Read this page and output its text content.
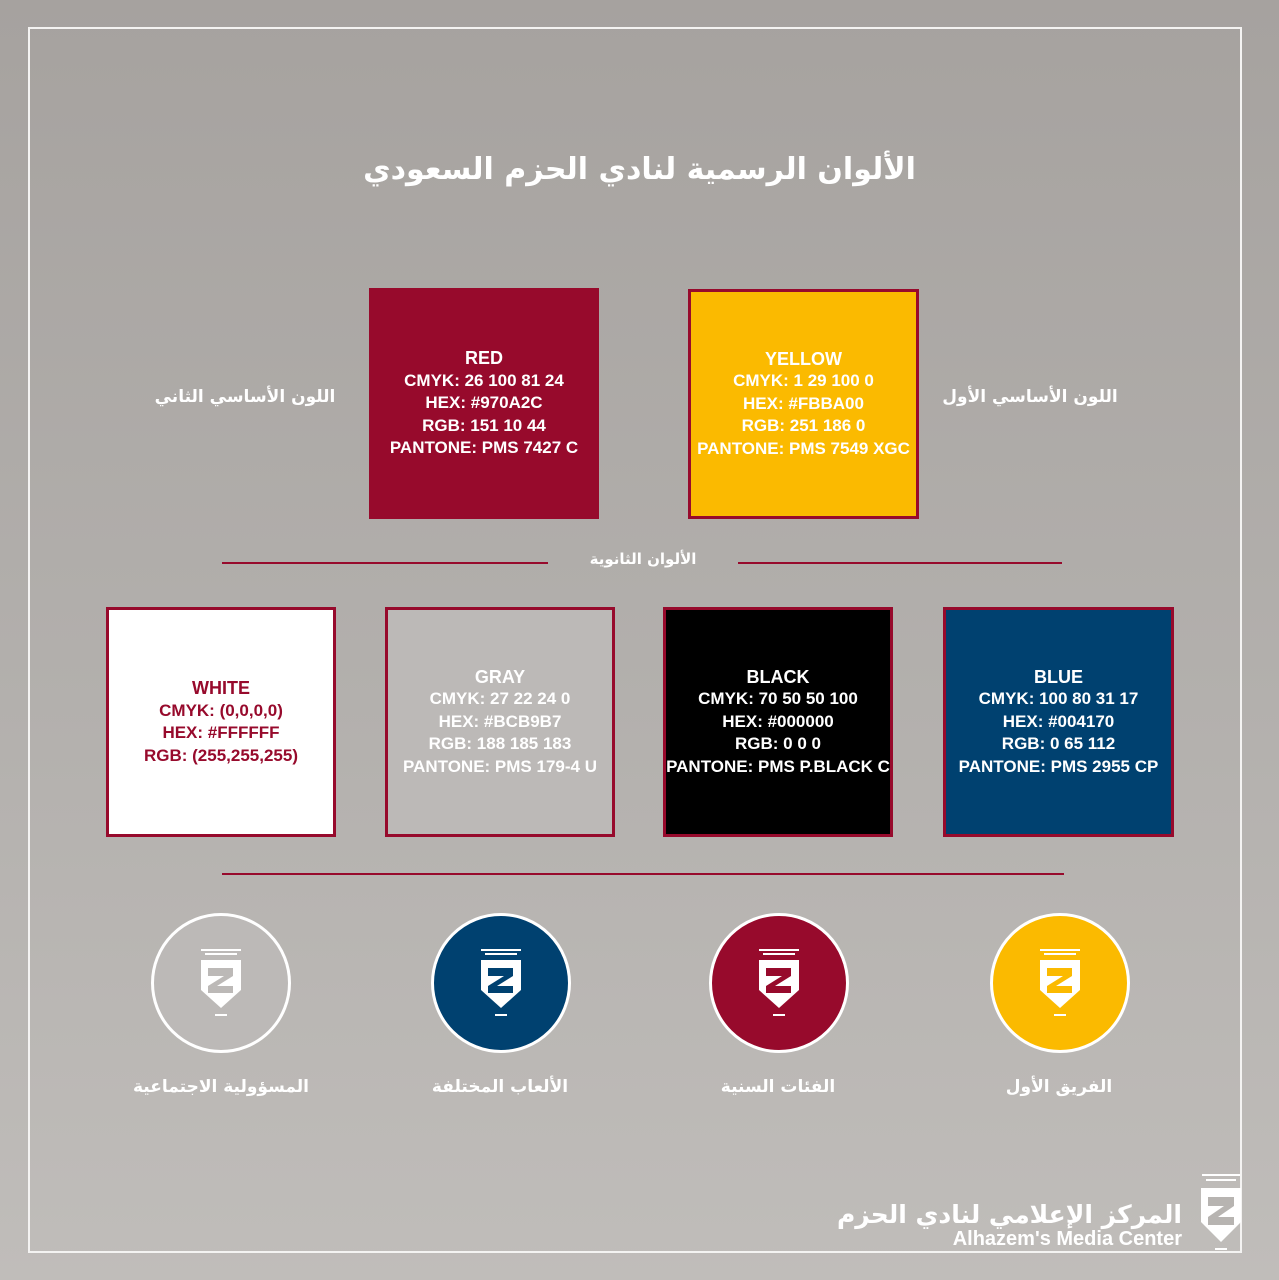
الألوان الرسمية لنادي الحزم السعودي
اللون الأساسي الثاني
RED
CMYK: 26 100 81 24
HEX: #970A2C
RGB: 151 10 44
PANTONE: PMS 7427 C
YELLOW
CMYK: 1 29 100 0
HEX: #FBBA00
RGB: 251 186 0
PANTONE: PMS 7549 XGC
اللون الأساسي الأول
الألوان الثانوية
WHITE
CMYK: (0,0,0,0)
HEX: #FFFFFF
RGB: (255,255,255)
GRAY
CMYK: 27 22 24 0
HEX: #BCB9B7
RGB: 188 185 183
PANTONE: PMS 179-4 U
BLACK
CMYK: 70 50 50 100
HEX: #000000
RGB: 0 0 0
PANTONE: PMS P.BLACK C
BLUE
CMYK: 100 80 31 17
HEX: #004170
RGB: 0 65 112
PANTONE: PMS 2955 CP
المسؤولية الاجتماعية	الألعاب المختلفة	الفئات السنية	الفريق الأول
المركز الإعلامي لنادي الحزم
Alhazem's Media Center
